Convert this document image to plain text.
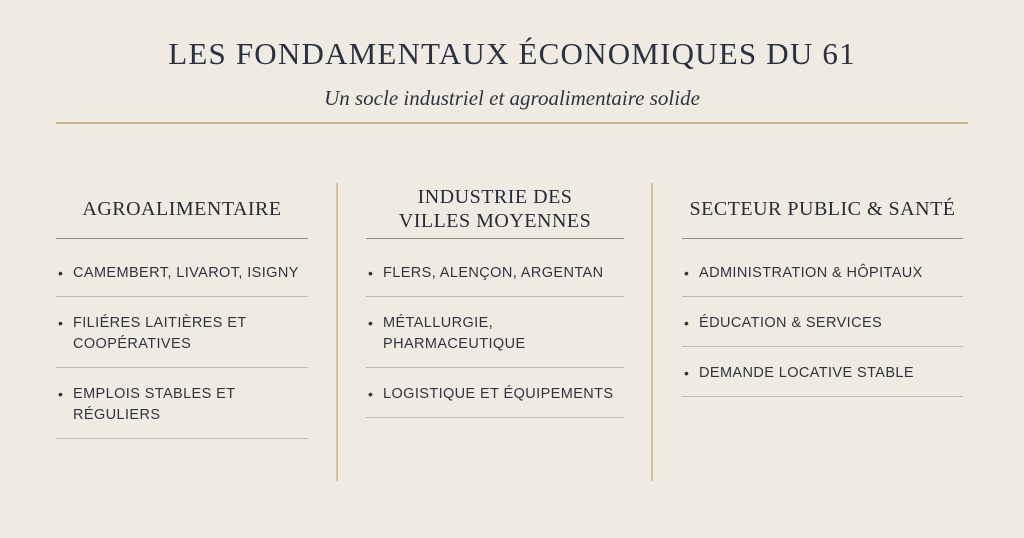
LES FONDAMENTAUX ÉCONOMIQUES DU 61

Un socle industriel et agroalimentaire solide

AGROALIMENTAIRE
• CAMEMBERT, LIVAROT, ISIGNY
• FILIÉRES LAITIÈRES ET
COOPÉRATIVES
• EMPLOIS STABLES ET RÉGULIERS
INDUSTRIE DES
VILLES MOYENNES
• FLERS, ALENÇON, ARGENTAN
• MÉTALLURGIE, PHARMACEUTIQUE
• LOGISTIQUE ET ÉQUIPEMENTS
SECTEUR PUBLIC & SANTÉ
• ADMINISTRATION & HÔPITAUX
• ÉDUCATION & SERVICES
• DEMANDE LOCATIVE STABLE
